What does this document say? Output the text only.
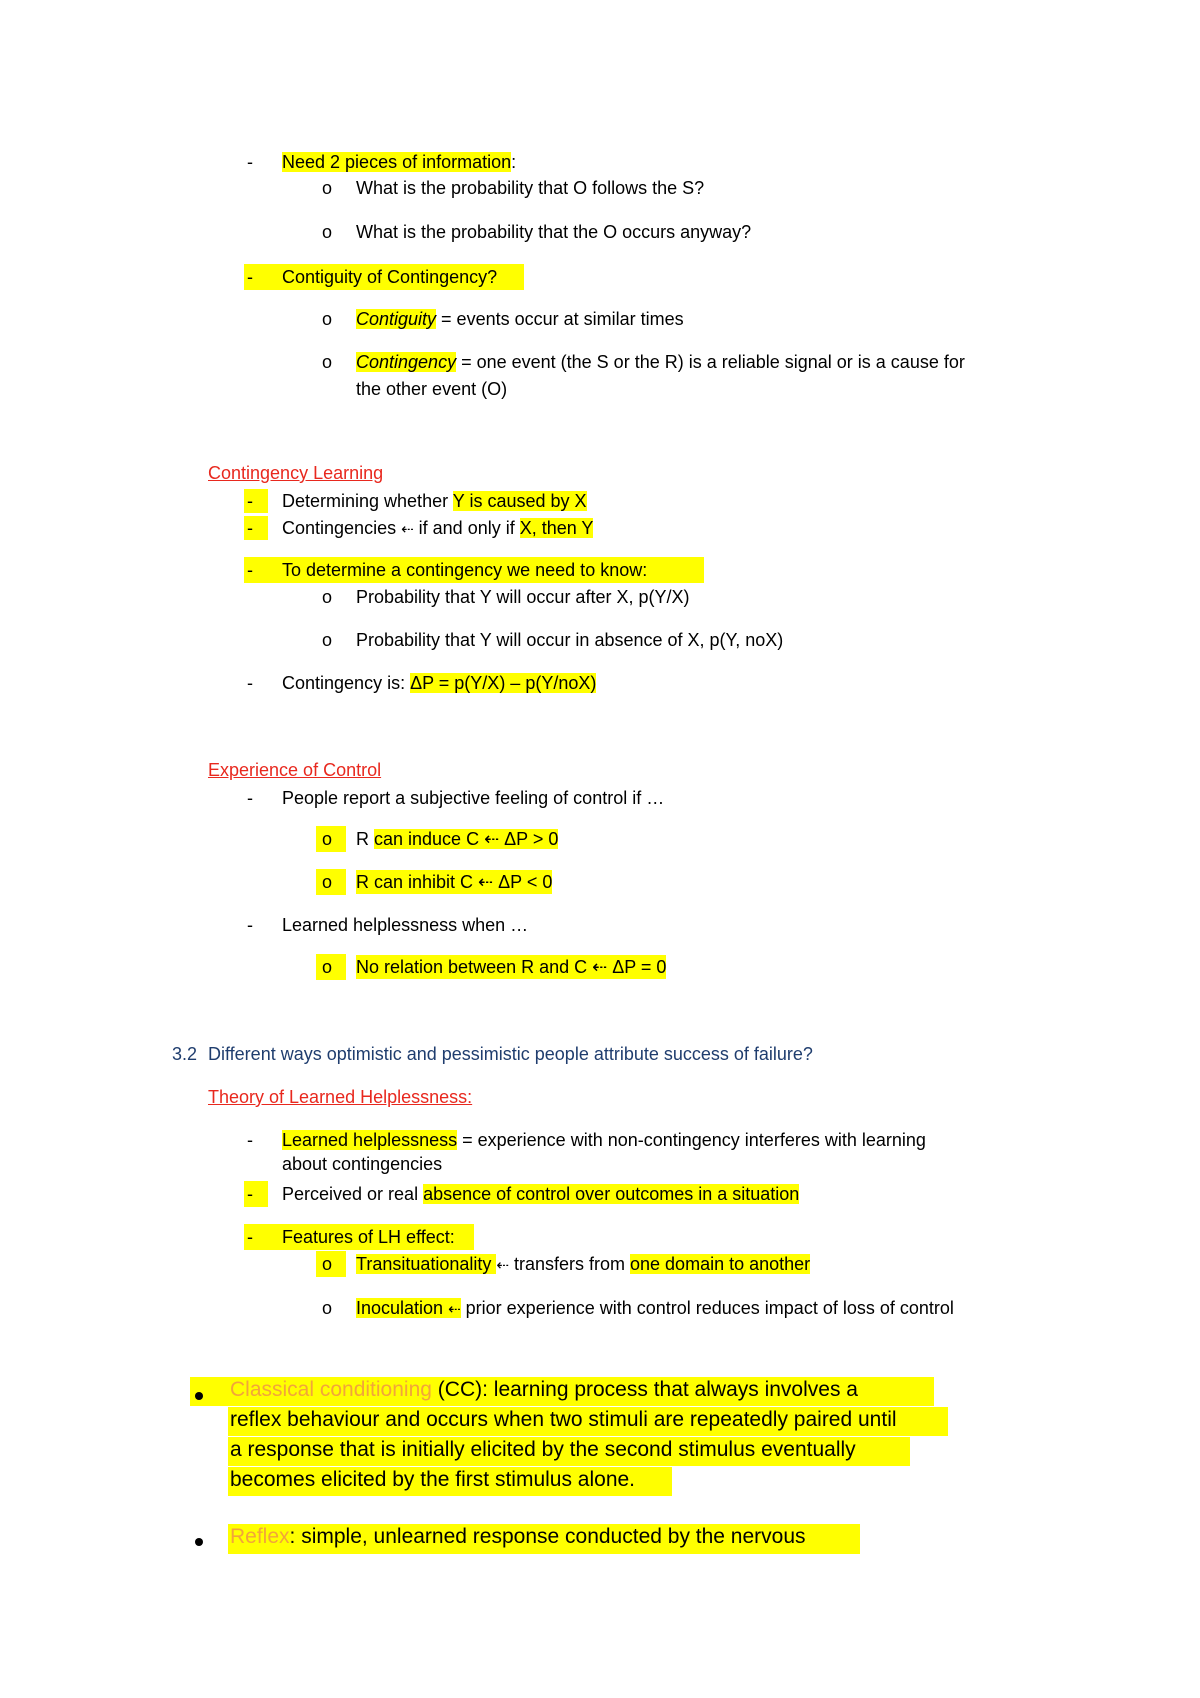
- Need 2 pieces of information:
o What is the probability that O follows the S?
o What is the probability that the O occurs anyway?
- Contiguity of Contingency?
o Contiguity = events occur at similar times
o Contingency = one event (the S or the R) is a reliable signal or is a cause for
the other event (O)
Contingency Learning
- Determining whether Y is caused by X
- Contingencies ⇠ if and only if X, then Y
- To determine a contingency we need to know:
o Probability that Y will occur after X, p(Y/X)
o Probability that Y will occur in absence of X, p(Y, noX)
- Contingency is: ΔP = p(Y/X) – p(Y/noX)
Experience of Control
- People report a subjective feeling of control if …
o R can induce C ⇠ ΔP > 0
o R can inhibit C ⇠ ΔP < 0
- Learned helplessness when …
o No relation between R and C ⇠ ΔP = 0
3.2 Different ways optimistic and pessimistic people attribute success of failure?
Theory of Learned Helplessness:
- Learned helplessness = experience with non-contingency interferes with learning
about contingencies
- Perceived or real absence of control over outcomes in a situation
- Features of LH effect:
o Transituationality ⇠ transfers from one domain to another
o Inoculation ⇠ prior experience with control reduces impact of loss of control
Classical conditioning (CC): learning process that always involves a
reflex behaviour and occurs when two stimuli are repeatedly paired until
a response that is initially elicited by the second stimulus eventually
becomes elicited by the first stimulus alone.
Reflex: simple, unlearned response conducted by the nervous
